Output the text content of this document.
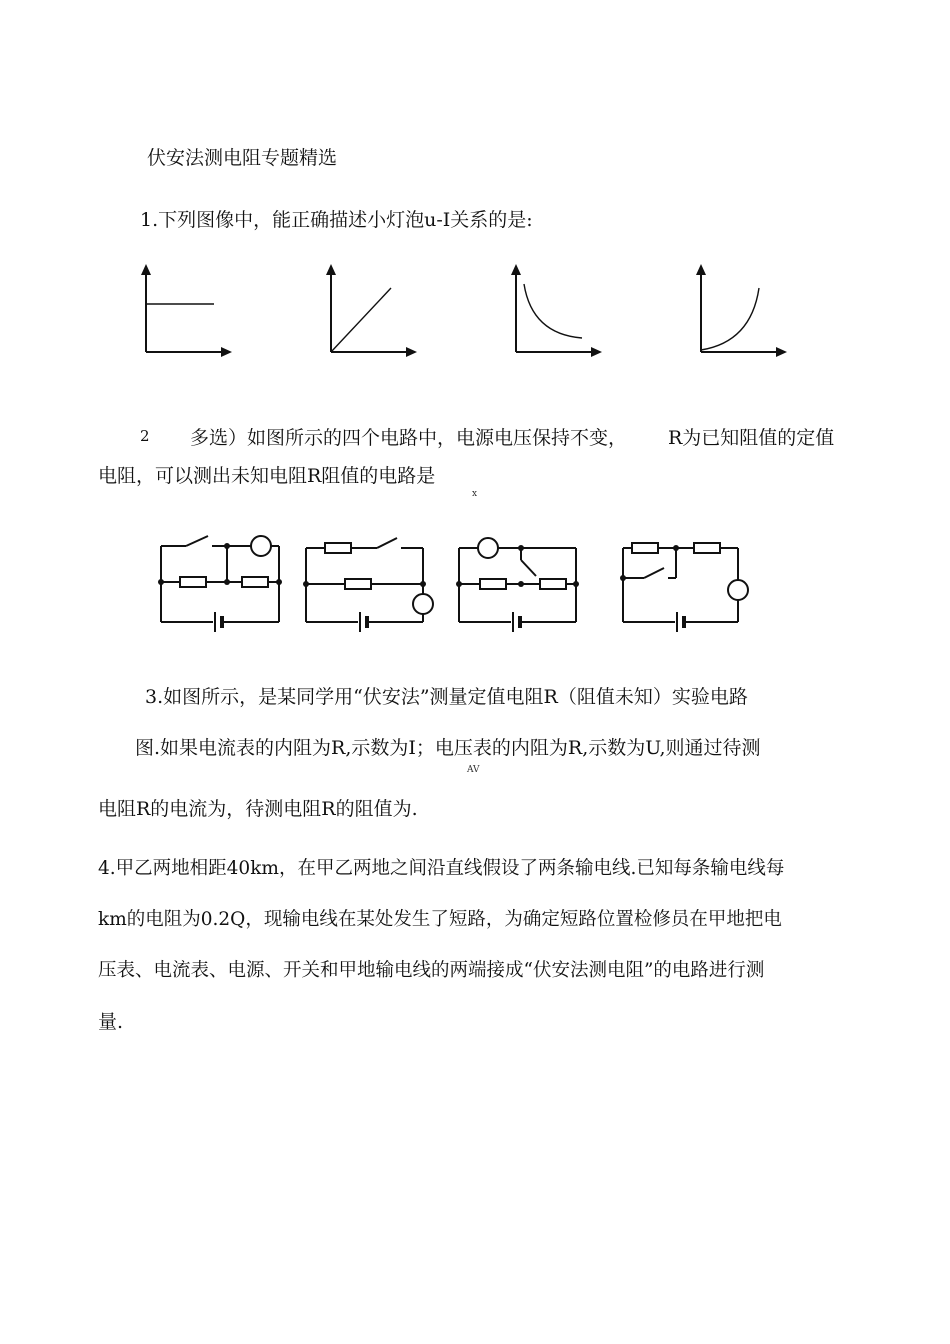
伏安法测电阻专题精选
1.下列图像中，能正确描述小灯泡u-I关系的是:
2 多选）如图所示的四个电路中，电源电压保持不变， R为已知阻值的定值
电阻，可以测出未知电阻R阻值的电路是
x
3.如图所示，是某同学用“伏安法”测量定值电阻R（阻值未知）实验电路
图.如果电流表的内阻为R,示数为I；电压表的内阻为R,示数为U,则通过待测
AV
电阻R的电流为，待测电阻R的阻值为.
4.甲乙两地相距40km，在甲乙两地之间沿直线假设了两条输电线.已知每条输电线每
km的电阻为0.2Q，现输电线在某处发生了短路，为确定短路位置检修员在甲地把电
压表、电流表、电源、开关和甲地输电线的两端接成“伏安法测电阻”的电路进行测
量.
